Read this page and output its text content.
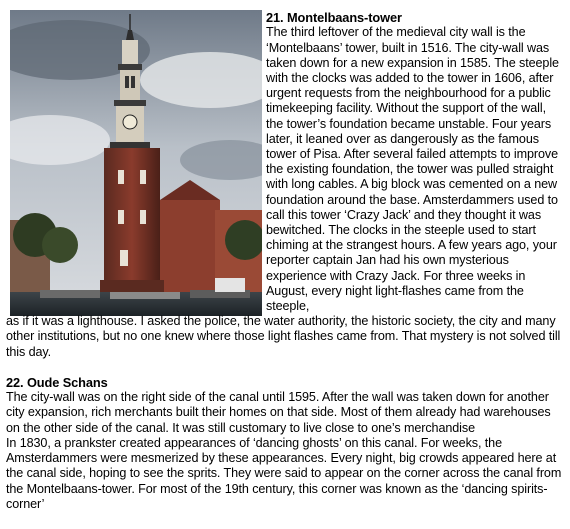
21. Montelbaans-tower

The third leftover of the medieval city wall is the ‘Montelbaans’ tower, built in 1516. The city-wall was taken down for a new expansion in 1585. The steeple with the clocks was added to the tower in 1606, after urgent requests from the neighbourhood for a public timekeeping facility. Without the support of the wall, the tower’s foundation became unstable. Four years later, it leaned over as dangerously as the famous tower of Pisa. After several failed attempts to improve the existing foundation, the tower was pulled straight with long cables. A big block was cemented on a new foundation around the base. Amsterdammers used to call this tower ‘Crazy Jack’ and they thought it was bewitched. The clocks in the steeple used to start chiming at the strangest hours. A few years ago, your reporter captain Jan had his own mysterious experience with Crazy Jack. For three weeks in August, every night light-flashes came from the steeple,

as if it was a lighthouse. I asked the police, the water authority, the historic society, the city and many other institutions, but no one knew where those light flashes came from. That mystery is not solved till this day.

22. Oude Schans

The city-wall was on the right side of the canal until 1595. After the wall was taken down for another city expansion, rich merchants built their homes on that side. Most of them already had warehouses on the other side of the canal. It was still customary to live close to one’s merchandise

In 1830, a prankster created appearances of ‘dancing ghosts’ on this canal. For weeks, the Amsterdammers were mesmerized by these appearances. Every night, big crowds appeared here at the canal side, hoping to see the sprits. They were said to appear on the corner across the canal from the Montelbaans-tower. For most of the 19th century, this corner was known as the ‘dancing spirits-corner’
